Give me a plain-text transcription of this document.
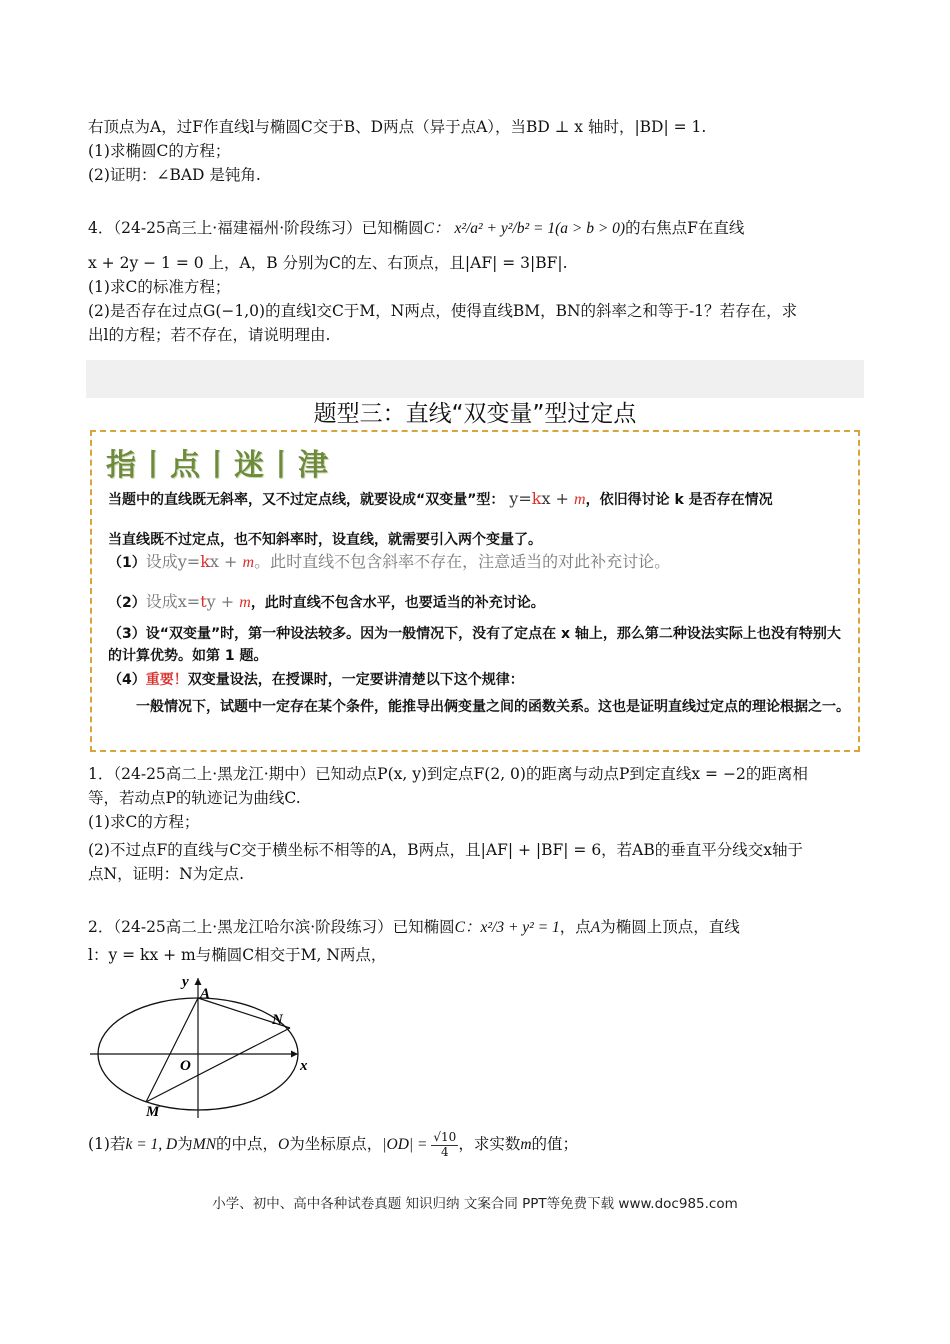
右顶点为A，过F作直线l与椭圆C交于B、D两点（异于点A），当BD ⊥ x 轴时，|BD| = 1.
(1)求椭圆C的方程；
(2)证明：∠BAD 是钝角.
4．（24-25高三上·福建福州·阶段练习）已知椭圆C： x²/a² + y²/b² = 1(a > b > 0)的右焦点F在直线
x + 2y − 1 = 0 上，A，B 分别为C的左、右顶点，且|AF| = 3|BF|.
(1)求C的标准方程；
(2)是否存在过点G(−1,0)的直线l交C于M，N两点，使得直线BM，BN的斜率之和等于-1？若存在，求
出l的方程；若不存在，请说明理由.
题型三：直线“双变量”型过定点
指丨点丨迷丨津
当题中的直线既无斜率，又不过定点线，就要设成“双变量”型： y=kx + m，依旧得讨论 k 是否存在情况
当直线既不过定点，也不知斜率时，设直线，就需要引入两个变量了。
（1）设成y=kx + m。此时直线不包含斜率不存在，注意适当的对此补充讨论。
（2）设成x=ty + m，此时直线不包含水平，也要适当的补充讨论。
（3）设“双变量”时，第一种设法较多。因为一般情况下，没有了定点在 x 轴上，那么第二种设法实际上也没有特别大的计算优势。如第 1 题。
（4）重要！双变量设法，在授课时，一定要讲清楚以下这个规律：
一般情况下，试题中一定存在某个条件，能推导出俩变量之间的函数关系。这也是证明直线过定点的理论根据之一。
1．（24-25高二上·黑龙江·期中）已知动点P(x, y)到定点F(2, 0)的距离与动点P到定直线x = −2的距离相
等，若动点P的轨迹记为曲线C.
(1)求C的方程；
(2)不过点F的直线与C交于横坐标不相等的A，B两点，且|AF| + |BF| = 6，若AB的垂直平分线交x轴于
点N，证明：N为定点.
2．（24-25高二上·黑龙江哈尔滨·阶段练习）已知椭圆C：x²/3 + y² = 1，点A为椭圆上顶点，直线
l：y = kx + m与椭圆C相交于M, N两点，
y
x
A
N
O
M
(1)若k = 1, D为MN的中点，O为坐标原点，$|OD| = \frac{√10}{4}$ ，求实数m的值；
小学、初中、高中各种试卷真题 知识归纳 文案合同 PPT等免费下载 www.doc985.com
